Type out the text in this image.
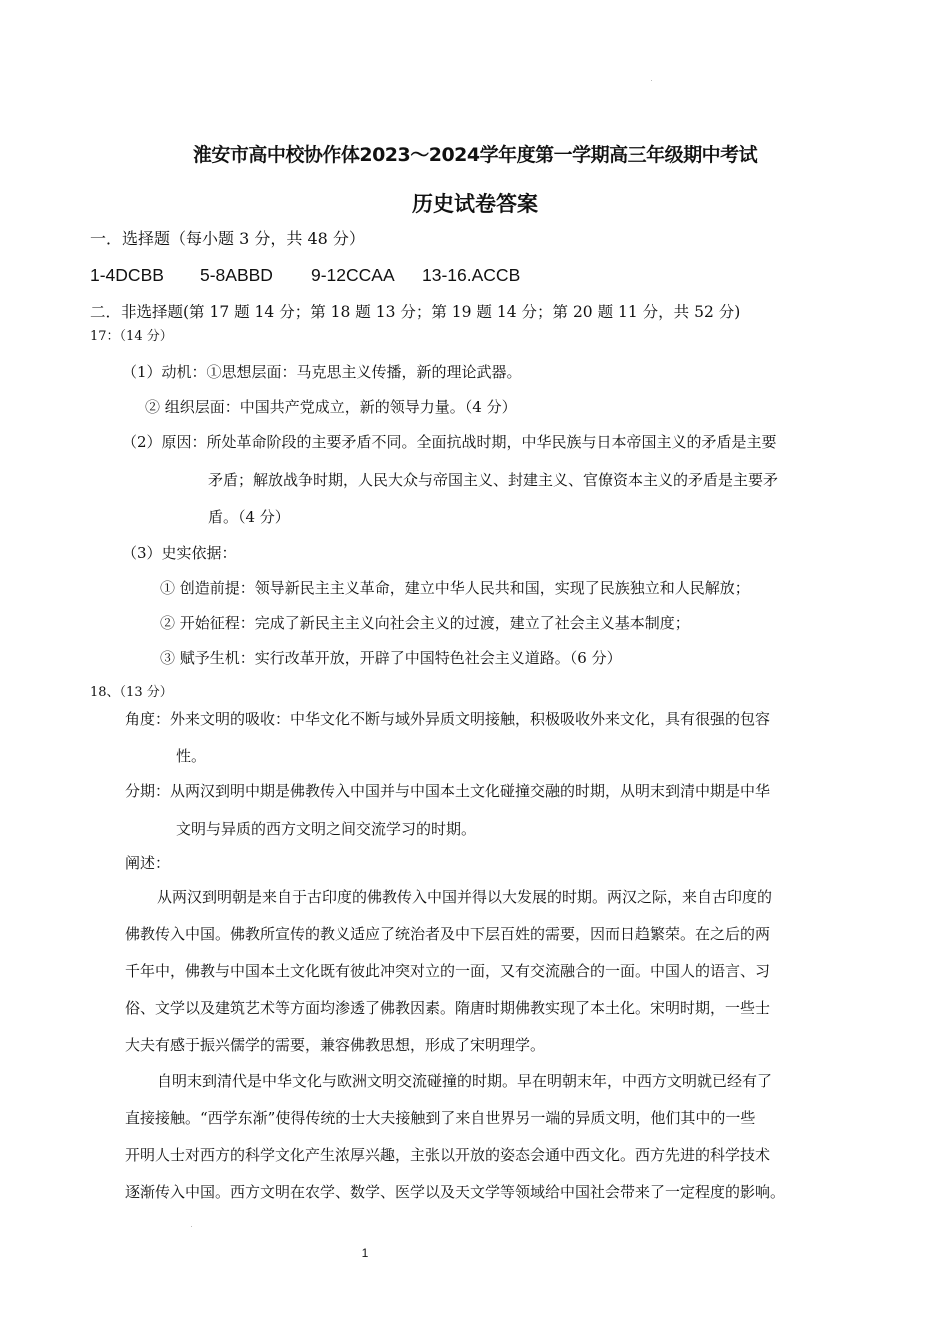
淮安市高中校协作体2023～2024学年度第一学期高三年级期中考试
历史试卷答案
一．选择题（每小题 3 分，共 48 分）
1-4DCBB 5-8ABBD 9-12CCAA 13-16.ACCB
二．非选择题(第 17 题 14 分；第 18 题 13 分；第 19 题 14 分；第 20 题 11 分，共 52 分)
17：（14 分）
（1）动机：①思想层面：马克思主义传播，新的理论武器。
② 组织层面：中国共产党成立，新的领导力量。（4 分）
（2）原因：所处革命阶段的主要矛盾不同。全面抗战时期，中华民族与日本帝国主义的矛盾是主要
矛盾；解放战争时期，人民大众与帝国主义、封建主义、官僚资本主义的矛盾是主要矛
盾。（4 分）
（3）史实依据：
① 创造前提：领导新民主主义革命，建立中华人民共和国，实现了民族独立和人民解放；
② 开始征程：完成了新民主主义向社会主义的过渡，建立了社会主义基本制度；
③ 赋予生机：实行改革开放，开辟了中国特色社会主义道路。（6 分）
18、（13 分）
角度：外来文明的吸收：中华文化不断与域外异质文明接触，积极吸收外来文化，具有很强的包容
性。
分期：从两汉到明中期是佛教传入中国并与中国本土文化碰撞交融的时期，从明末到清中期是中华
文明与异质的西方文明之间交流学习的时期。
阐述：
从两汉到明朝是来自于古印度的佛教传入中国并得以大发展的时期。两汉之际，来自古印度的
佛教传入中国。佛教所宣传的教义适应了统治者及中下层百姓的需要，因而日趋繁荣。在之后的两
千年中，佛教与中国本土文化既有彼此冲突对立的一面，又有交流融合的一面。中国人的语言、习
俗、文学以及建筑艺术等方面均渗透了佛教因素。隋唐时期佛教实现了本土化。宋明时期，一些士
大夫有感于振兴儒学的需要，兼容佛教思想，形成了宋明理学。
自明末到清代是中华文化与欧洲文明交流碰撞的时期。早在明朝末年，中西方文明就已经有了
直接接触。“西学东渐”使得传统的士大夫接触到了来自世界另一端的异质文明，他们其中的一些
开明人士对西方的科学文化产生浓厚兴趣，主张以开放的姿态会通中西文化。西方先进的科学技术
逐渐传入中国。西方文明在农学、数学、医学以及天文学等领域给中国社会带来了一定程度的影响。
1
